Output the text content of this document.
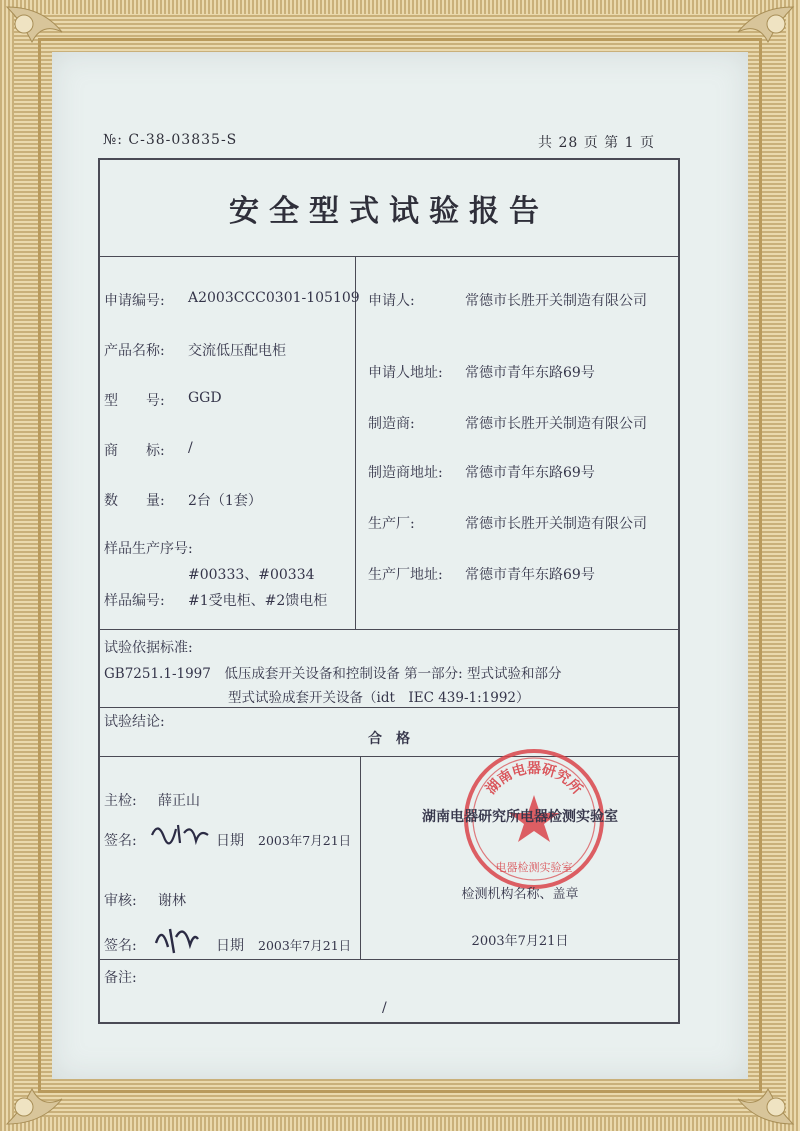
№: C-38-03835-S	共 28 页 第 1 页
安全型式试验报告
申请编号: A2003CCC0301-105109
产品名称: 交流低压配电柜
型　　号: GGD
商　　标: /
数　　量: 2台（1套）
样品生产序号:
#00333、#00334
样品编号: #1受电柜、#2馈电柜
申请人:	常德市长胜开关制造有限公司
申请人地址: 常德市青年东路69号
制造商:	常德市长胜开关制造有限公司
制造商地址: 常德市青年东路69号
生产厂:	常德市长胜开关制造有限公司
生产厂地址: 常德市青年东路69号
试验依据标准:
GB7251.1-1997　低压成套开关设备和控制设备 第一部分: 型式试验和部分
型式试验成套开关设备（idt　IEC 439-1:1992）
试验结论:
合　格
主检: 薛正山
签名:	日期 2003年7月21日
审核: 谢林
签名:	日期 2003年7月21日
湖南电器研究所
电器检测实验室
湖南电器研究所电器检测实验室
检测机构名称、盖章
2003年7月21日
备注:
/
